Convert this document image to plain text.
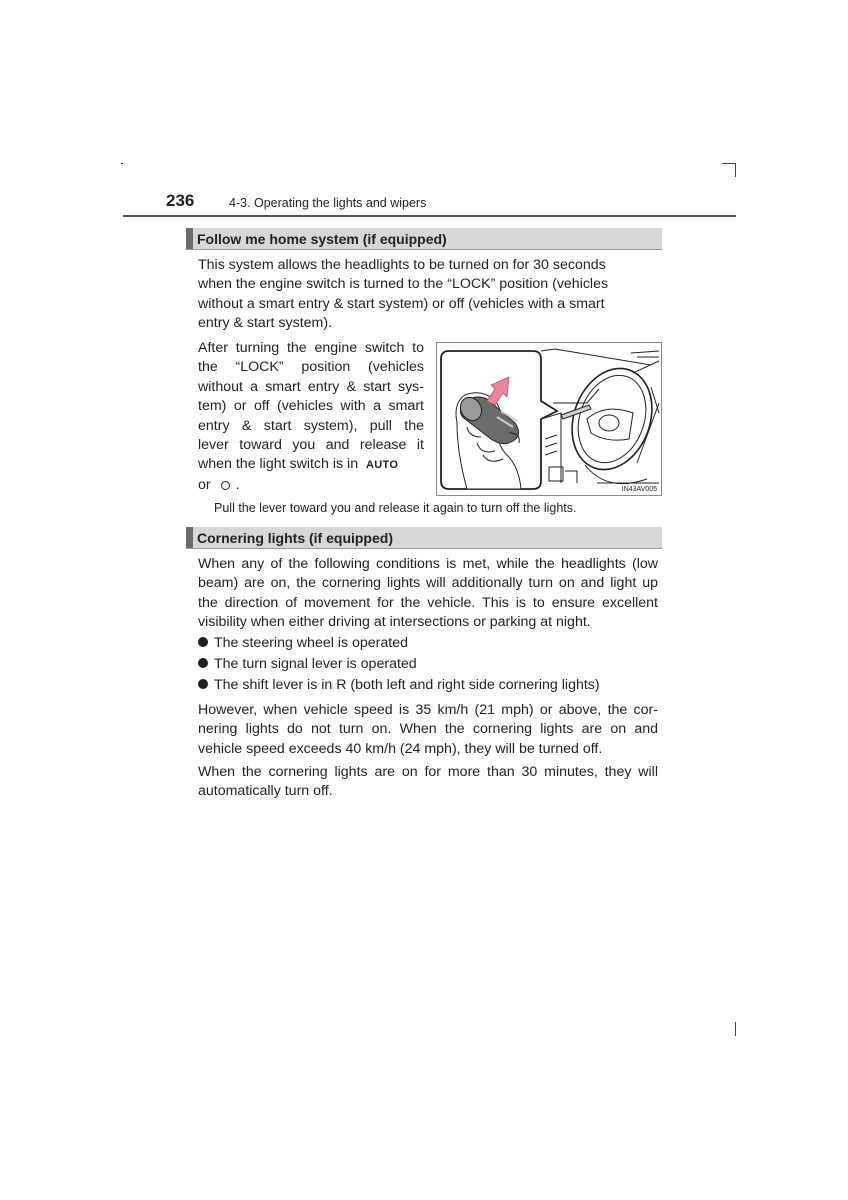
236	4-3. Operating the lights and wipers
Follow me home system (if equipped)
This system allows the headlights to be turned on for 30 seconds
when the engine switch is turned to the “LOCK” position (vehicles
without a smart entry & start system) or off (vehicles with a smart
entry & start system).
After turning the engine switch to
the “LOCK” position (vehicles
without a smart entry & start sys-
tem) or off (vehicles with a smart
entry & start system), pull the
lever toward you and release it
when the light switch is in AUTO
or .	IN43AV005
Pull the lever toward you and release it again to turn off the lights.
Cornering lights (if equipped)
When any of the following conditions is met, while the headlights (low
beam) are on, the cornering lights will additionally turn on and light up
the direction of movement for the vehicle. This is to ensure excellent
visibility when either driving at intersections or parking at night.
The steering wheel is operated
The turn signal lever is operated
The shift lever is in R (both left and right side cornering lights)
However, when vehicle speed is 35 km/h (21 mph) or above, the cor-
nering lights do not turn on. When the cornering lights are on and
vehicle speed exceeds 40 km/h (24 mph), they will be turned off.
When the cornering lights are on for more than 30 minutes, they will
automatically turn off.
